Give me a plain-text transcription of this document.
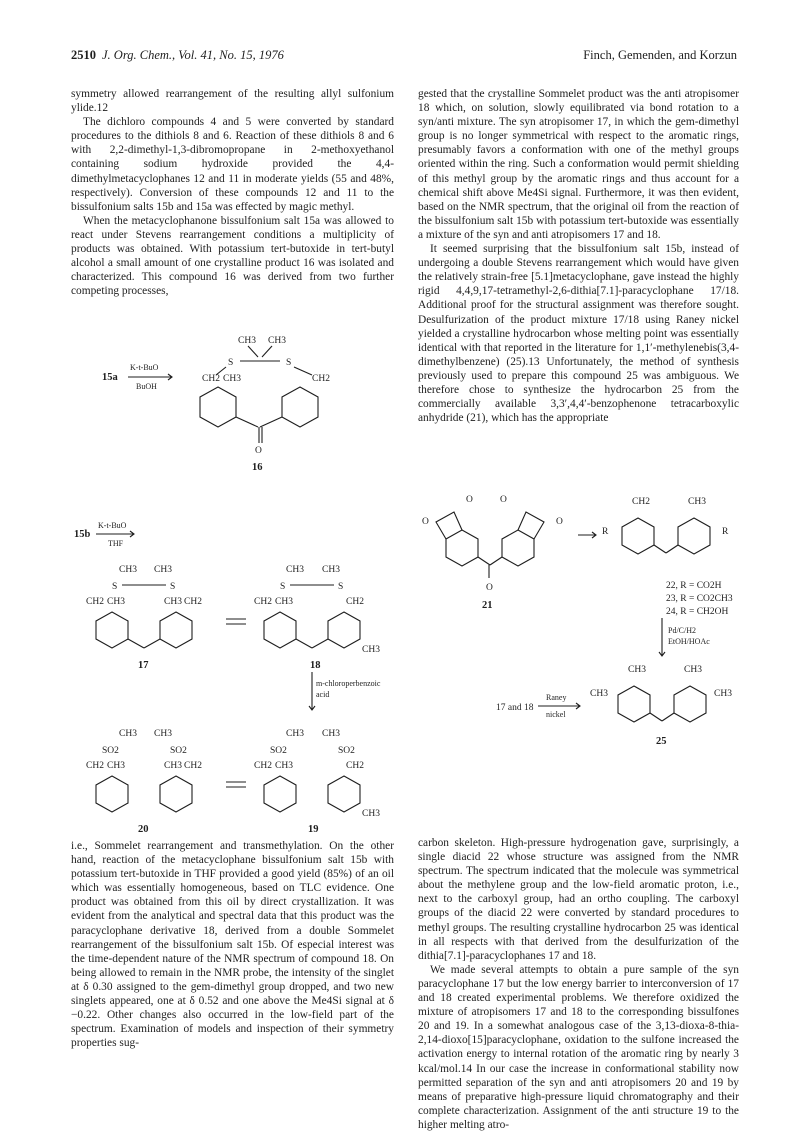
2510 J. Org. Chem., Vol. 41, No. 15, 1976	Finch, Gemenden, and Korzun

symmetry allowed rearrangement of the resulting allyl sulfonium ylide.12

The dichloro compounds 4 and 5 were converted by standard procedures to the dithiols 8 and 6. Reaction of these dithiols 8 and 6 with 2,2-dimethyl-1,3-dibromopropane in 2-methoxyethanol containing sodium hydroxide provided the 4,4-dimethylmetacyclophanes 12 and 11 in moderate yields (55 and 48%, respectively). Conversion of these compounds 12 and 11 to the bissulfonium salts 15b and 15a was effected by magic methyl.

When the metacyclophanone bissulfonium salt 15a was allowed to react under Stevens rearrangement conditions a multiplicity of products was obtained. With potassium tert-butoxide in tert-butyl alcohol a small amount of one crystalline product 16 was isolated and characterized. This compound 16 was derived from two further competing processes,

i.e., Sommelet rearrangement and transmethylation. On the other hand, reaction of the metacyclophane bissulfonium salt 15b with potassium tert-butoxide in THF provided a good yield (85%) of an oil which was essentially homogeneous, based on TLC evidence. One product was obtained from this oil by direct crystallization. It was evident from the analytical and spectral data that this product was the paracyclophane derivative 18, derived from a double Sommelet rearrangement of the bissulfonium salt 15b. Of especial interest was the time-dependent nature of the NMR spectrum of compound 18. On being allowed to remain in the NMR probe, the intensity of the singlet at δ 0.30 assigned to the gem-dimethyl group dropped, and two new singlets appeared, one at δ 0.52 and one above the Me4Si signal at δ −0.22. Other changes also occurred in the low-field part of the spectrum. Examination of models and inspection of their symmetry properties sug-

gested that the crystalline Sommelet product was the anti atropisomer 18 which, on solution, slowly equilibrated via bond rotation to a syn/anti mixture. The syn atropisomer 17, in which the gem-dimethyl group is no longer symmetrical with respect to the aromatic rings, presumably favors a conformation with one of the methyl groups oriented within the ring. Such a conformation would permit shielding of this methyl group by the aromatic rings and thus account for a chemical shift above Me4Si signal. Furthermore, it was then evident, based on the NMR spectrum, that the original oil from the reaction of the bissulfonium salt 15b with potassium tert-butoxide was essentially a mixture of the syn and anti atropisomers 17 and 18.

It seemed surprising that the bissulfonium salt 15b, instead of undergoing a double Stevens rearrangement which would have given the relatively strain-free [5.1]metacyclophane, gave instead the highly rigid 4,4,9,17-tetramethyl-2,6-dithia[7.1]-paracyclophane 17/18. Additional proof for the structural assignment was therefore sought. Desulfurization of the product mixture 17/18 using Raney nickel yielded a crystalline hydrocarbon whose melting point was essentially identical with that reported in the literature for 1,1′-methylenebis(3,4-dimethylbenzene) (25).13 Unfortunately, the method of synthesis previously used to prepare this compound 25 was ambiguous. We therefore chose to synthesize the hydrocarbon 25 from the commercially available 3,3′,4,4′-benzophenone tetracarboxylic anhydride (21), which has the appropriate

carbon skeleton. High-pressure hydrogenation gave, surprisingly, a single diacid 22 whose structure was assigned from the NMR spectrum. The spectrum indicated that the molecule was symmetrical about the methylene group and the low-field aromatic proton, i.e., next to the carboxyl group, had an ortho coupling. The carboxyl groups of the diacid 22 were converted by standard procedures to methyl groups. The resulting crystalline hydrocarbon 25 was identical in all respects with that derived from the desulfurization of the dithia[7.1]-paracyclophanes 17 and 18.

We made several attempts to obtain a pure sample of the syn paracyclophane 17 but the low energy barrier to interconversion of 17 and 18 created experimental problems. We therefore oxidized the mixture of atropisomers 17 and 18 to the corresponding bissulfones 20 and 19. In a somewhat analogous case of the 3,13-dioxa-8-thia-2,14-dioxo[15]paracyclophane, oxidation to the sulfone increased the activation energy to internal rotation of the aromatic ring by nearly 3 kcal/mol.14 In our case the increase in conformational stability now permitted separation of the syn and anti atropisomers 20 and 19 by means of preparative high-pressure liquid chromatography and their complete characterization. Assignment of the anti structure 19 to the higher melting atro-

15a
K-t-BuO
BuOH
CH3 CH3
S	S
CH2 CH3	CH2
O
16
15b
K-t-BuO
THF
CH3 CH3
S	S
CH2 CH3	CH3 CH2
17
CH3 CH3
S	S
CH2 CH3	CH2
CH3
18
m-chloroperbenzoic
acid
CH3 CH3
SO2	SO2
CH2 CH3	CH3 CH2
20
CH3 CH3
SO2	SO2
CH2 CH3	CH2
CH3
19
O
O	O
O
O
21
R
CH2	CH3
R
22, R = CO2H
23, R = CO2CH3
24, R = CH2OH
Pd/C/H2
EtOH/HOAc
CH3	CH3
CH3	CH3
17 and 18
Raney
nickel
25
